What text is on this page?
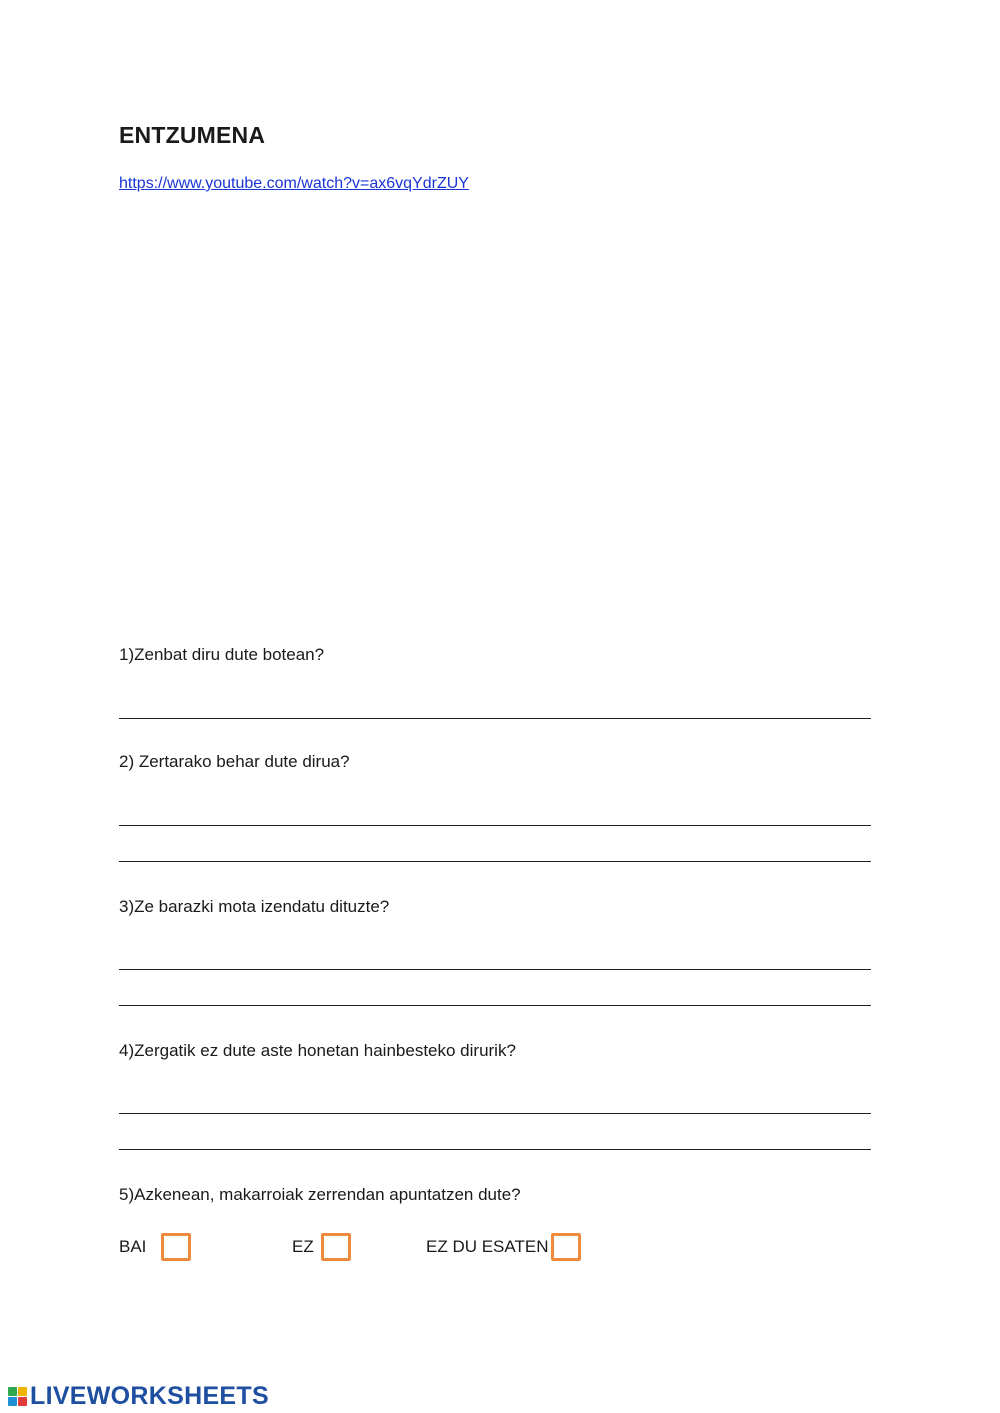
ENTZUMENA
https://www.youtube.com/watch?v=ax6vqYdrZUY
1)Zenbat diru dute botean?
2) Zertarako behar dute dirua?
3)Ze barazki mota izendatu dituzte?
4)Zergatik ez dute aste honetan hainbesteko dirurik?
5)Azkenean, makarroiak zerrendan apuntatzen dute?
BAI	EZ	EZ DU ESATEN
LIVEWORKSHEETS
